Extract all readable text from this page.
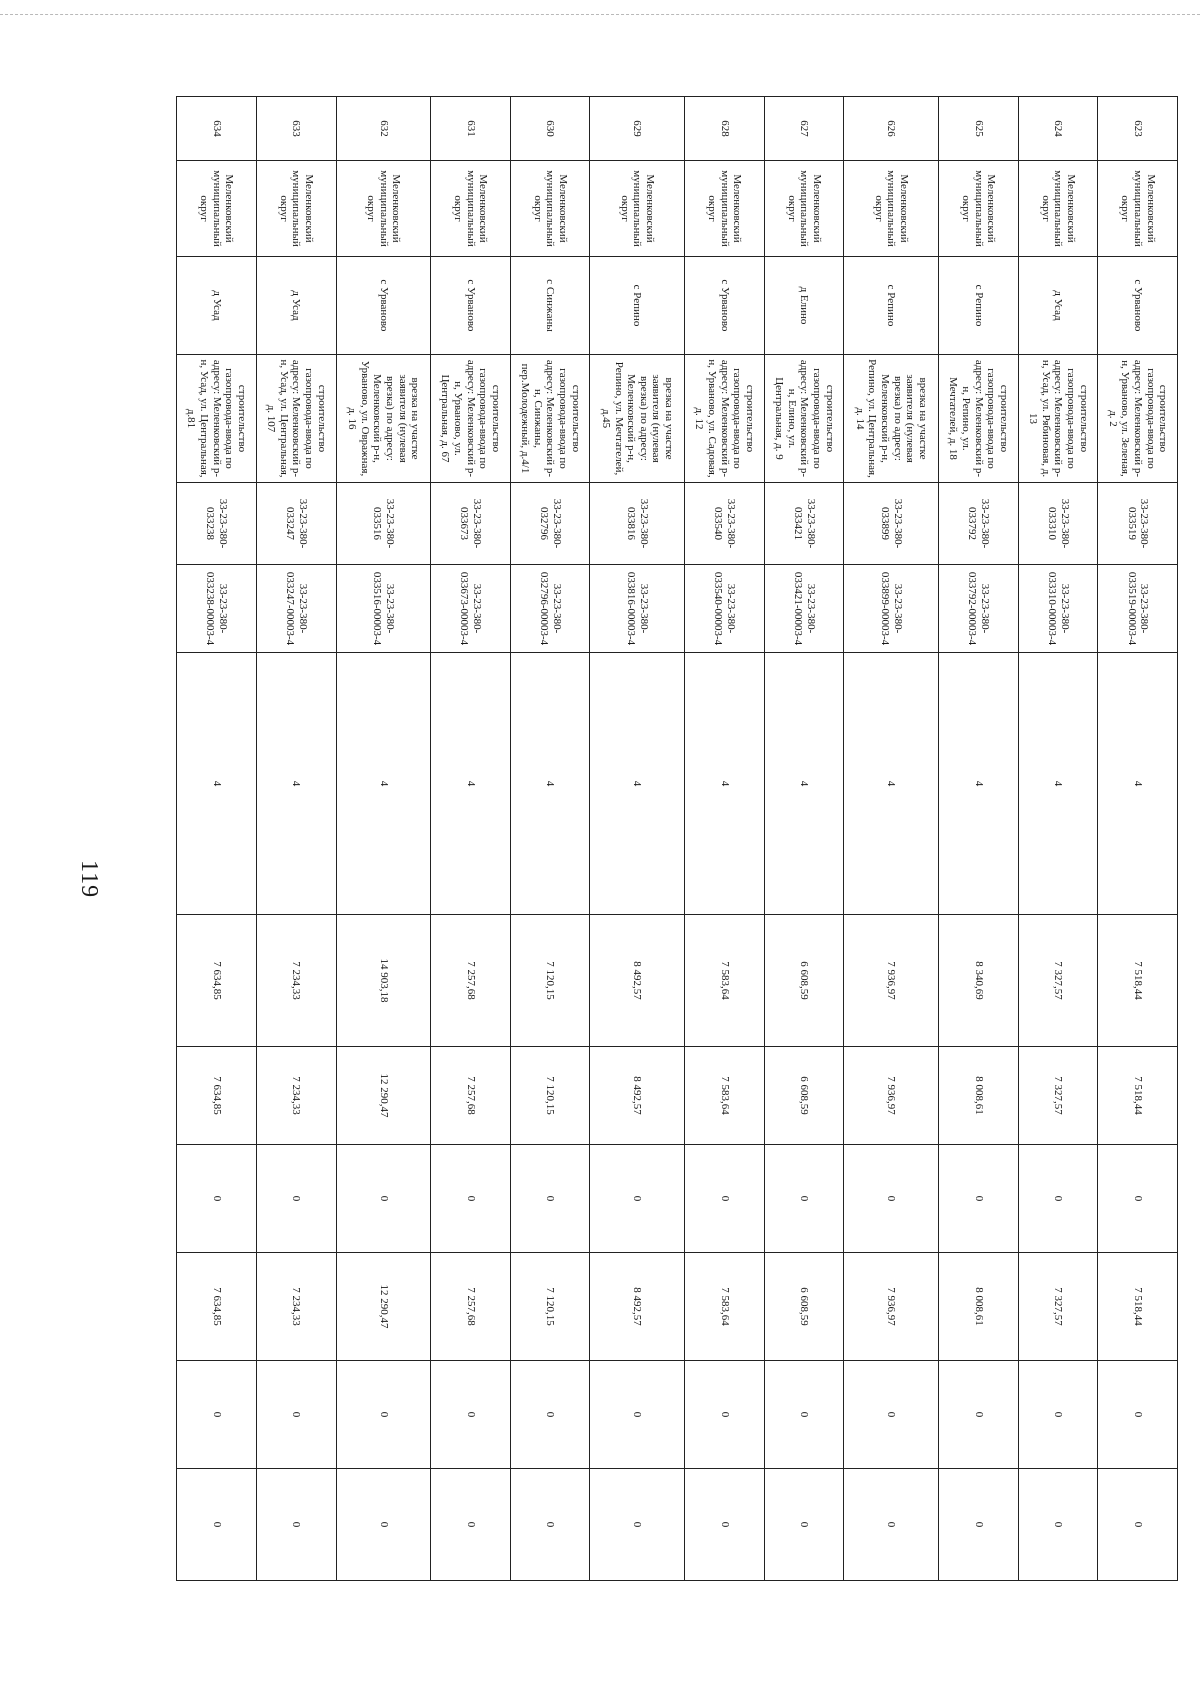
119
623	Меленковский муниципальный округ	с Урваново	строительство газопровода-ввода по адресу: Меленковский р-н, Урваново, ул. Зеленая, д. 2	33-23-380-033519	33-23-380-033519-00003-4	4	7 518,44	7 518,44	0	7 518,44	0	0
624	Меленковский муниципальный округ	д Усад	строительство газопровода-ввода по адресу: Меленковский р-н, Усад, ул. Рябиновая, д. 13	33-23-380-033310	33-23-380-033310-00003-4	4	7 327,57	7 327,57	0	7 327,57	0	0
625	Меленковский муниципальный округ	с Репино	строительство газопровода-ввода по адресу: Меленковский р-н, Репино, ул. Мечтателей, д. 18	33-23-380-033792	33-23-380-033792-00003-4	4	8 340,69	8 008,61	0	8 008,61	0	0
626	Меленковский муниципальный округ	с Репино	врезка на участке заявителя (нулевая врезка) по адресу: Меленковский р-н, Репино, ул. Центральная, д. 14	33-23-380-033899	33-23-380-033899-00003-4	4	7 936,97	7 936,97	0	7 936,97	0	0
627	Меленковский муниципальный округ	д Елино	строительство газопровода-ввода по адресу: Меленковский р-н, Елино, ул. Центральная, д. 9	33-23-380-033421	33-23-380-033421-00003-4	4	6 608,59	6 608,59	0	6 608,59	0	0
628	Меленковский муниципальный округ	с Урваново	строительство газопровода-ввода по адресу: Меленковский р-н, Урваново, ул. Садовая, д. 12	33-23-380-033540	33-23-380-033540-00003-4	4	7 583,64	7 583,64	0	7 583,64	0	0
629	Меленковский муниципальный округ	с Репино	врезка на участке заявителя (нулевая врезка) по адресу: Меленковский р-н, Репино, ул. Мечтателей, д.45	33-23-380-033816	33-23-380-033816-00003-4	4	8 492,57	8 492,57	0	8 492,57	0	0
630	Меленковский муниципальный округ	с Синжаны	строительство газопровода-ввода по адресу: Меленковский р-н, Синжаны, пер.Молодежный, д.4/1	33-23-380-032796	33-23-380-032796-00003-4	4	7 120,15	7 120,15	0	7 120,15	0	0
631	Меленковский муниципальный округ	с Урваново	строительство газопровода-ввода по адресу: Меленковский р-н, Урваново, ул. Центральная, д. 67	33-23-380-033673	33-23-380-033673-00003-4	4	7 257,68	7 257,68	0	7 257,68	0	0
632	Меленковский муниципальный округ	с Урваново	врезка на участке заявителя (нулевая врезка) по адресу: Меленковский р-н, Урваново, ул. Овражная, д. 16	33-23-380-033516	33-23-380-033516-00003-4	4	14 903,18	12 290,47	0	12 290,47	0	0
633	Меленковский муниципальный округ	д Усад	строительство газопровода-ввода по адресу: Меленковский р-н, Усад, ул. Центральная, д. 107	33-23-380-033247	33-23-380-033247-00003-4	4	7 234,33	7 234,33	0	7 234,33	0	0
634	Меленковский муниципальный округ	д Усад	строительство газопровода-ввода по адресу: Меленковский р-н, Усад, ул. Центральная, д.81	33-23-380-033238	33-23-380-033238-00003-4	4	7 634,85	7 634,85	0	7 634,85	0	0
